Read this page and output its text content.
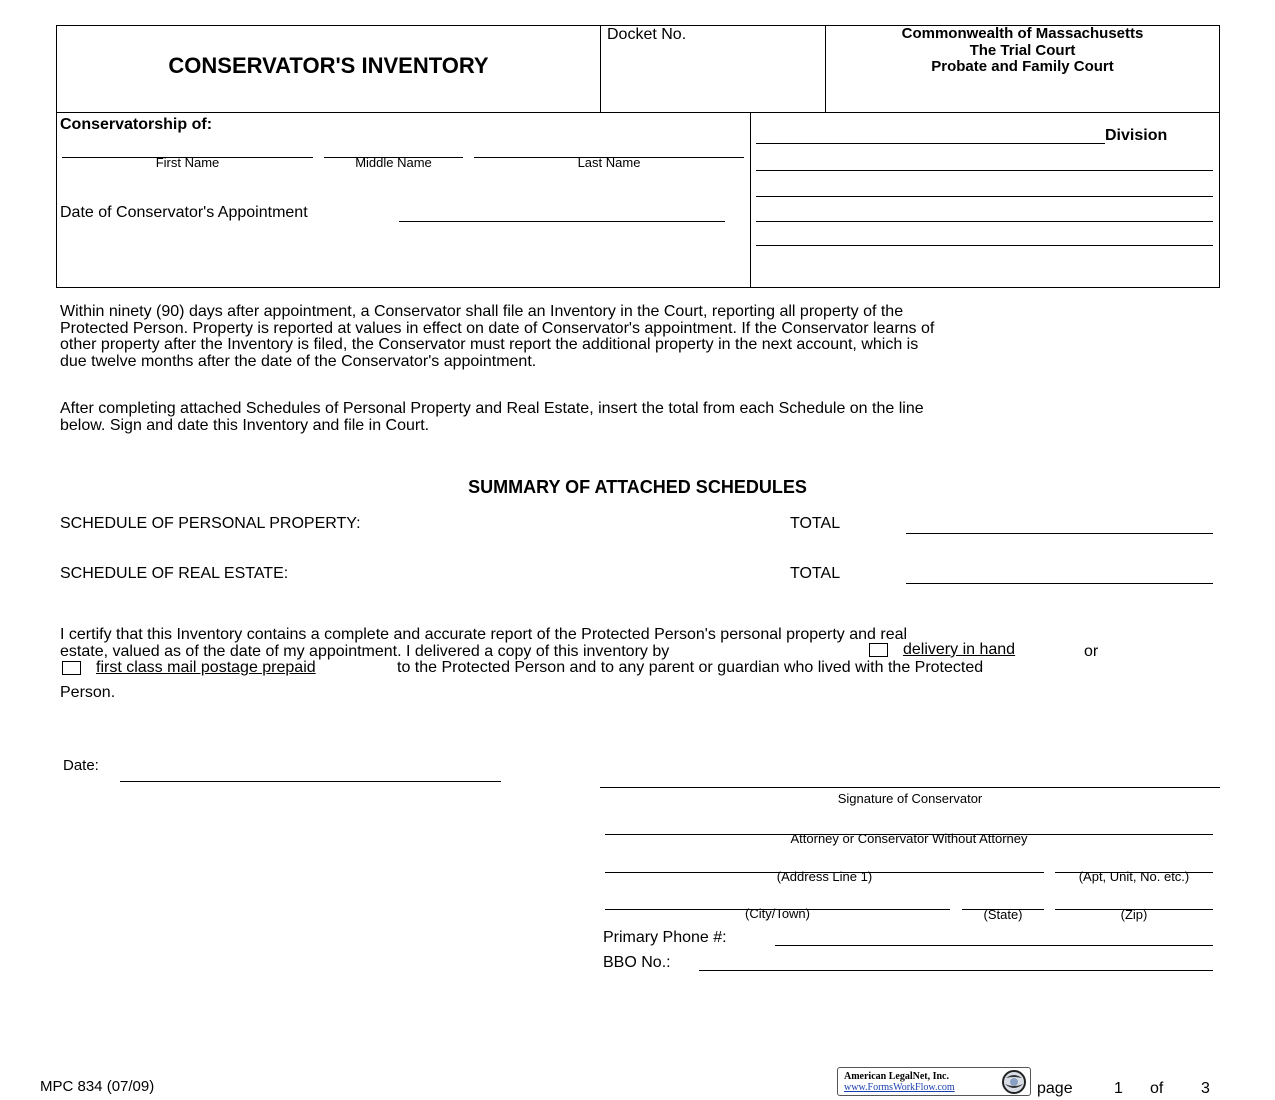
CONSERVATOR'S INVENTORY
Docket No.	Commonwealth of Massachusetts
The Trial Court
Probate and Family Court
Conservatorship of:
First Name	Middle Name	Last Name
Date of Conservator's Appointment
Division
Within ninety (90) days after appointment, a Conservator shall file an Inventory in the Court, reporting all property of the
Protected Person. Property is reported at values in effect on date of Conservator's appointment. If the Conservator learns of
other property after the Inventory is filed, the Conservator must report the additional property in the next account, which is
due twelve months after the date of the Conservator's appointment.
After completing attached Schedules of Personal Property and Real Estate, insert the total from each Schedule on the line
below. Sign and date this Inventory and file in Court.
SUMMARY OF ATTACHED SCHEDULES
SCHEDULE OF PERSONAL PROPERTY:	TOTAL
SCHEDULE OF REAL ESTATE:	TOTAL
I certify that this Inventory contains a complete and accurate report of the Protected Person's personal property and real
estate, valued as of the date of my appointment. I delivered a copy of this inventory by	delivery in hand	or
first class mail postage prepaid	to the Protected Person and to any parent or guardian who lived with the Protected
Person.
Date:
Signature of Conservator
Attorney or Conservator Without Attorney
(Address Line 1)	(Apt, Unit, No. etc.)
(City/Town)	(State)	(Zip)
Primary Phone #:
BBO No.:
MPC 834 (07/09)
American LegalNet, Inc.
www.FormsWorkFlow.com	page	1 of 3
